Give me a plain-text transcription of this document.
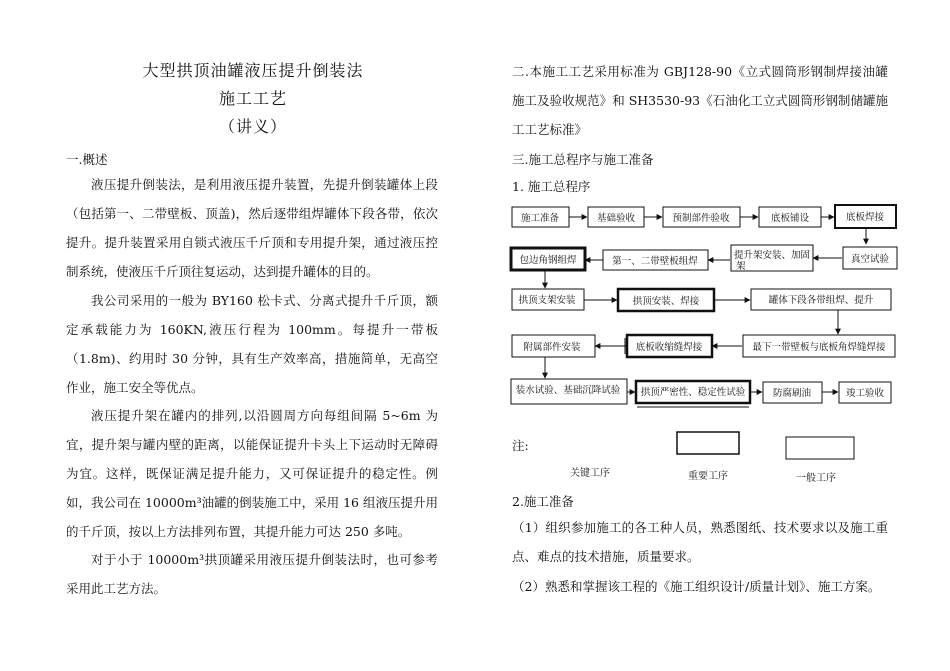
大型拱顶油罐液压提升倒装法
施工工艺
（讲义）
一.概述

液压提升倒装法，是利用液压提升装置，先提升倒装罐体上段（包括第一、二带壁板、顶盖)，然后逐带组焊罐体下段各带，依次提升。提升装置采用自锁式液压千斤顶和专用提升架，通过液压控制系统，使液压千斤顶往复运动，达到提升罐体的目的。

我公司采用的一般为 BY160 松卡式、分离式提升千斤顶，额定承载能力为 160KN,液压行程为 100mm。每提升一带板（1.8m)、约用时 30 分钟，具有生产效率高，措施简单，无高空作业，施工安全等优点。

液压提升架在罐内的排列,以沿圆周方向每组间隔 5~6m 为宜，提升架与罐内壁的距离，以能保证提升卡头上下运动时无障碍为宜。这样，既保证满足提升能力，又可保证提升的稳定性。例如，我公司在 10000m³油罐的倒装施工中，采用 16 组液压提升用的千斤顶，按以上方法排列布置，其提升能力可达 250 多吨。

对于小于 10000m³拱顶罐采用液压提升倒装法时，也可参考采用此工艺方法。

二.本施工工艺采用标准为 GBJ128-90《立式圆筒形钢制焊接油罐施工及验收规范》和 SH3530-93《石油化工立式圆筒形钢制储罐施工工艺标准》

三.施工总程序与施工准备
1. 施工总程序
施工准备	基础验收	预制部件验收	底板铺设	底板焊接
真空试验
提升架安装、加固
架
第一、二带壁板组焊
包边角钢组焊
拱顶支架安装	拱顶安装、焊接	罐体下段各带组焊、提升
最下一带壁板与底板角焊缝焊接
底板收缩缝焊接
附属部件安装
装水试验、基础沉降试验 拱顶严密性、稳定性试验	防腐刷油	竣工验收
注:
关键工序	重要工序	一般工序
2.施工准备

（1）组织参加施工的各工种人员，熟悉图纸、技术要求以及施工重点、难点的技术措施，质量要求。

（2）熟悉和掌握该工程的《施工组织设计/质量计划》、施工方案。
